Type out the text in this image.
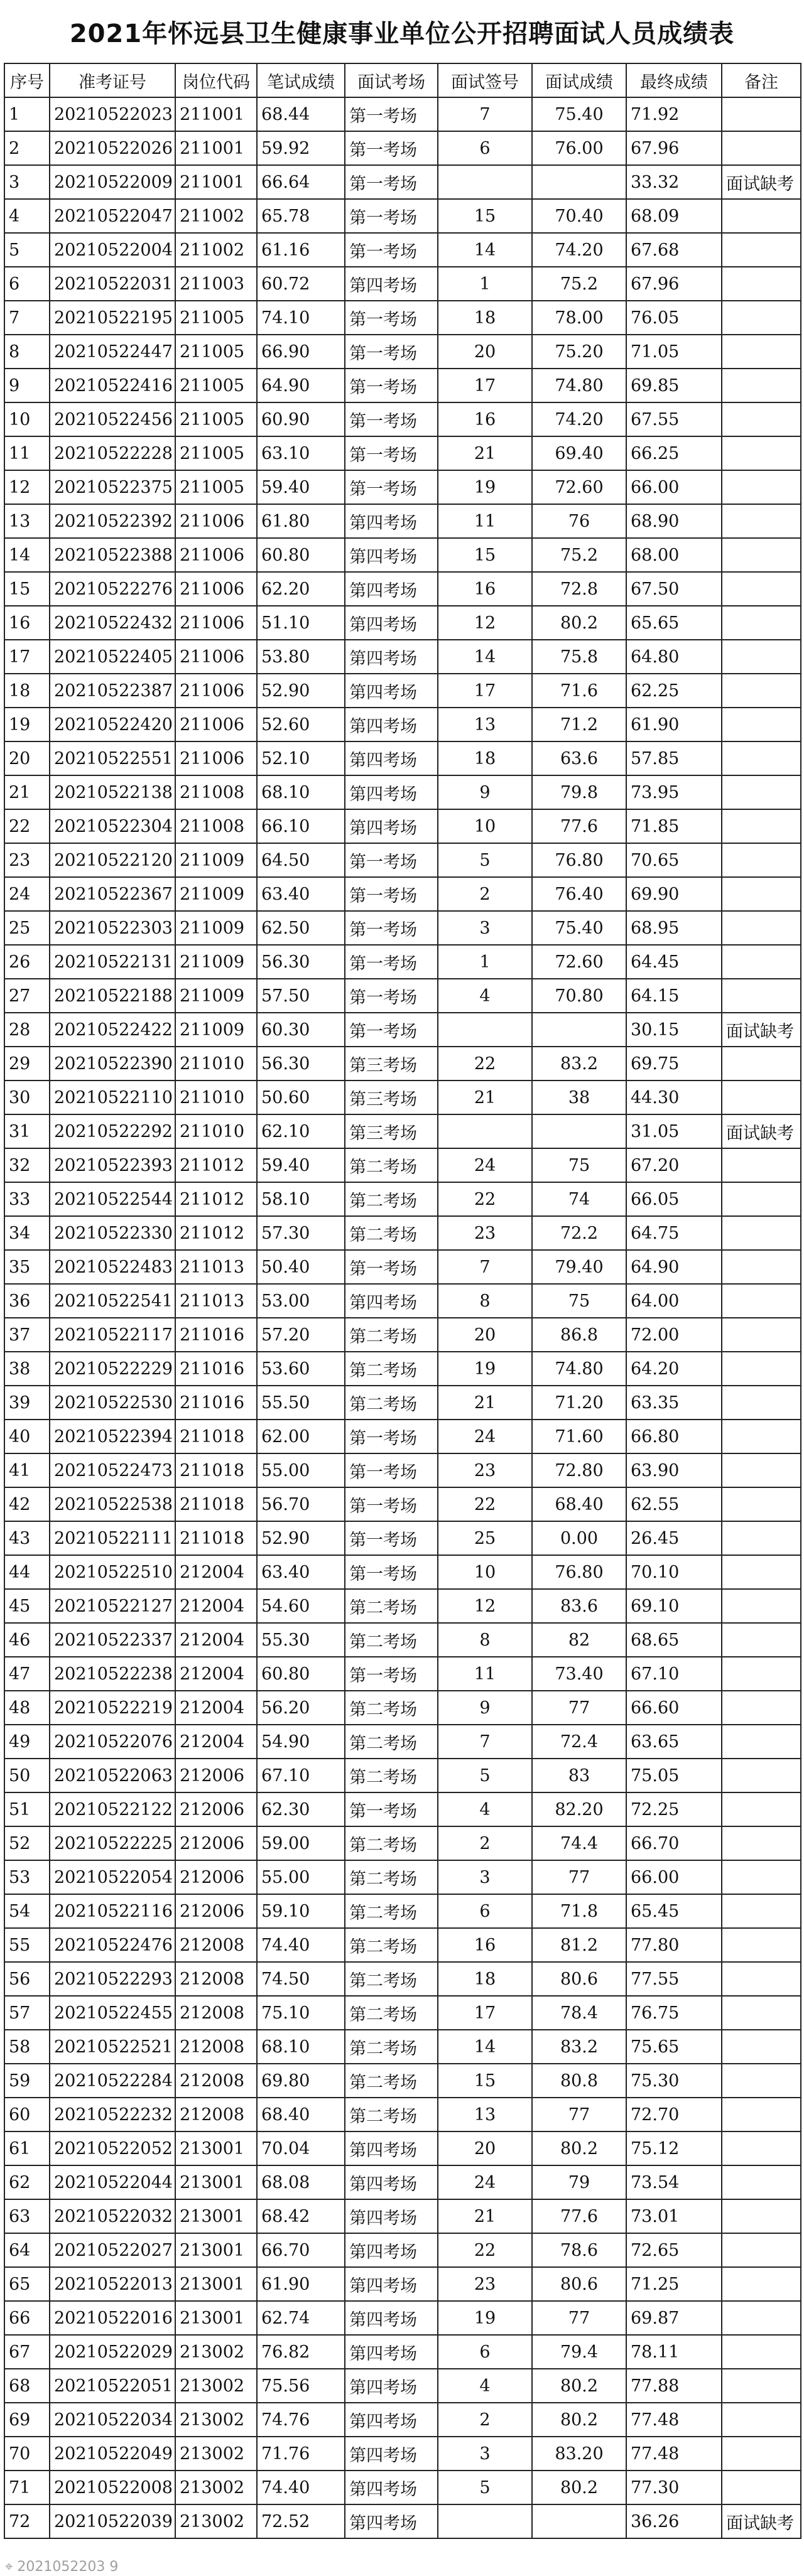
2021年怀远县卫生健康事业单位公开招聘面试人员成绩表
序号	准考证号	岗位代码	笔试成绩	面试考场	面试签号	面试成绩	最终成绩	备注
1	20210522023	211001	68.44	第一考场	7	75.40	71.92	
2	20210522026	211001	59.92	第一考场	6	76.00	67.96	
3	20210522009	211001	66.64	第一考场			33.32	面试缺考
4	20210522047	211002	65.78	第一考场	15	70.40	68.09	
5	20210522004	211002	61.16	第一考场	14	74.20	67.68	
6	20210522031	211003	60.72	第四考场	1	75.2	67.96	
7	20210522195	211005	74.10	第一考场	18	78.00	76.05	
8	20210522447	211005	66.90	第一考场	20	75.20	71.05	
9	20210522416	211005	64.90	第一考场	17	74.80	69.85	
10	20210522456	211005	60.90	第一考场	16	74.20	67.55	
11	20210522228	211005	63.10	第一考场	21	69.40	66.25	
12	20210522375	211005	59.40	第一考场	19	72.60	66.00	
13	20210522392	211006	61.80	第四考场	11	76	68.90	
14	20210522388	211006	60.80	第四考场	15	75.2	68.00	
15	20210522276	211006	62.20	第四考场	16	72.8	67.50	
16	20210522432	211006	51.10	第四考场	12	80.2	65.65	
17	20210522405	211006	53.80	第四考场	14	75.8	64.80	
18	20210522387	211006	52.90	第四考场	17	71.6	62.25	
19	20210522420	211006	52.60	第四考场	13	71.2	61.90	
20	20210522551	211006	52.10	第四考场	18	63.6	57.85	
21	20210522138	211008	68.10	第四考场	9	79.8	73.95	
22	20210522304	211008	66.10	第四考场	10	77.6	71.85	
23	20210522120	211009	64.50	第一考场	5	76.80	70.65	
24	20210522367	211009	63.40	第一考场	2	76.40	69.90	
25	20210522303	211009	62.50	第一考场	3	75.40	68.95	
26	20210522131	211009	56.30	第一考场	1	72.60	64.45	
27	20210522188	211009	57.50	第一考场	4	70.80	64.15	
28	20210522422	211009	60.30	第一考场			30.15	面试缺考
29	20210522390	211010	56.30	第三考场	22	83.2	69.75	
30	20210522110	211010	50.60	第三考场	21	38	44.30	
31	20210522292	211010	62.10	第三考场			31.05	面试缺考
32	20210522393	211012	59.40	第二考场	24	75	67.20	
33	20210522544	211012	58.10	第二考场	22	74	66.05	
34	20210522330	211012	57.30	第二考场	23	72.2	64.75	
35	20210522483	211013	50.40	第一考场	7	79.40	64.90	
36	20210522541	211013	53.00	第四考场	8	75	64.00	
37	20210522117	211016	57.20	第二考场	20	86.8	72.00	
38	20210522229	211016	53.60	第二考场	19	74.80	64.20	
39	20210522530	211016	55.50	第二考场	21	71.20	63.35	
40	20210522394	211018	62.00	第一考场	24	71.60	66.80	
41	20210522473	211018	55.00	第一考场	23	72.80	63.90	
42	20210522538	211018	56.70	第一考场	22	68.40	62.55	
43	20210522111	211018	52.90	第一考场	25	0.00	26.45	
44	20210522510	212004	63.40	第一考场	10	76.80	70.10	
45	20210522127	212004	54.60	第二考场	12	83.6	69.10	
46	20210522337	212004	55.30	第二考场	8	82	68.65	
47	20210522238	212004	60.80	第一考场	11	73.40	67.10	
48	20210522219	212004	56.20	第二考场	9	77	66.60	
49	20210522076	212004	54.90	第二考场	7	72.4	63.65	
50	20210522063	212006	67.10	第二考场	5	83	75.05	
51	20210522122	212006	62.30	第一考场	4	82.20	72.25	
52	20210522225	212006	59.00	第二考场	2	74.4	66.70	
53	20210522054	212006	55.00	第二考场	3	77	66.00	
54	20210522116	212006	59.10	第二考场	6	71.8	65.45	
55	20210522476	212008	74.40	第二考场	16	81.2	77.80	
56	20210522293	212008	74.50	第二考场	18	80.6	77.55	
57	20210522455	212008	75.10	第二考场	17	78.4	76.75	
58	20210522521	212008	68.10	第二考场	14	83.2	75.65	
59	20210522284	212008	69.80	第二考场	15	80.8	75.30	
60	20210522232	212008	68.40	第二考场	13	77	72.70	
61	20210522052	213001	70.04	第四考场	20	80.2	75.12	
62	20210522044	213001	68.08	第四考场	24	79	73.54	
63	20210522032	213001	68.42	第四考场	21	77.6	73.01	
64	20210522027	213001	66.70	第四考场	22	78.6	72.65	
65	20210522013	213001	61.90	第四考场	23	80.6	71.25	
66	20210522016	213001	62.74	第四考场	19	77	69.87	
67	20210522029	213002	76.82	第四考场	6	79.4	78.11	
68	20210522051	213002	75.56	第四考场	4	80.2	77.88	
69	20210522034	213002	74.76	第四考场	2	80.2	77.48	
70	20210522049	213002	71.76	第四考场	3	83.20	77.48	
71	20210522008	213002	74.40	第四考场	5	80.2	77.30	
72	20210522039	213002	72.52	第四考场			36.26	面试缺考
⌖ 2021052203 9
